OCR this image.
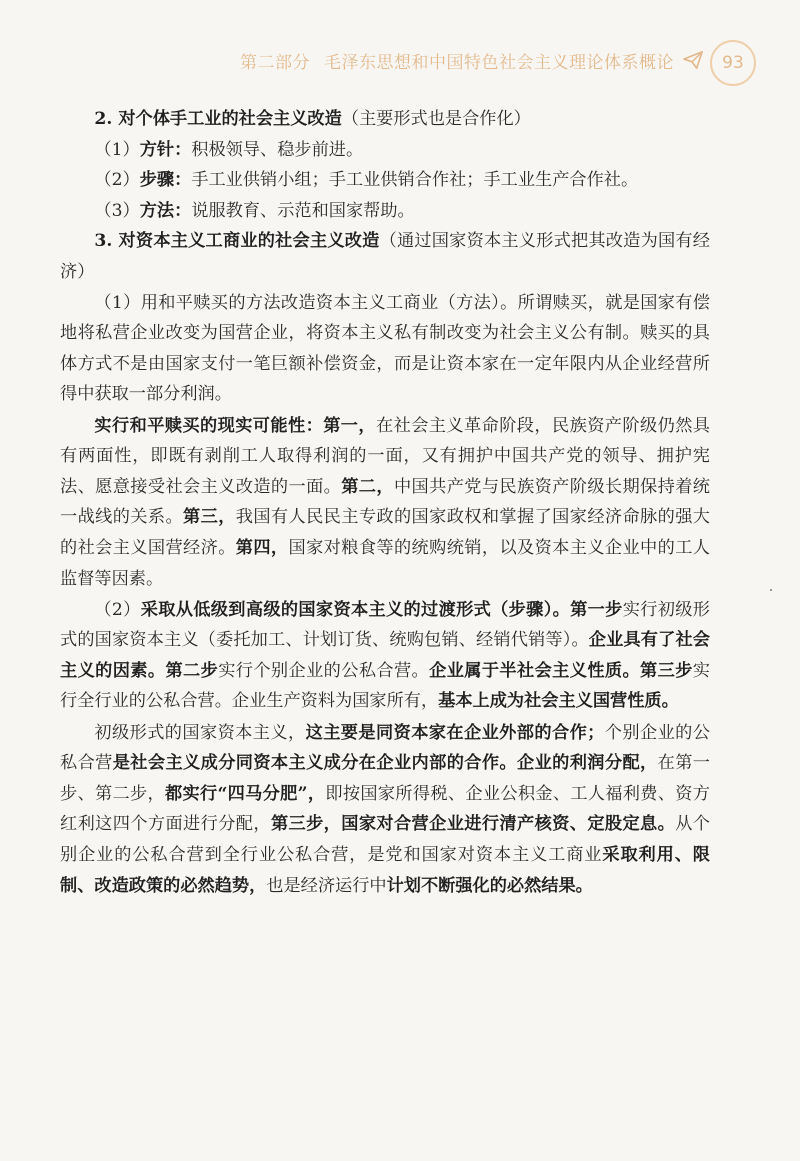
第二部分 毛泽东思想和中国特色社会主义理论体系概论	93

2. 对个体手工业的社会主义改造（主要形式也是合作化）

（1）方针：积极领导、稳步前进。

（2）步骤：手工业供销小组；手工业供销合作社；手工业生产合作社。

（3）方法：说服教育、示范和国家帮助。

3. 对资本主义工商业的社会主义改造（通过国家资本主义形式把其改造为国有经济）

（1）用和平赎买的方法改造资本主义工商业（方法）。所谓赎买，就是国家有偿地将私营企业改变为国营企业，将资本主义私有制改变为社会主义公有制。赎买的具体方式不是由国家支付一笔巨额补偿资金，而是让资本家在一定年限内从企业经营所得中获取一部分利润。

实行和平赎买的现实可能性：第一，在社会主义革命阶段，民族资产阶级仍然具有两面性，即既有剥削工人取得利润的一面，又有拥护中国共产党的领导、拥护宪法、愿意接受社会主义改造的一面。第二，中国共产党与民族资产阶级长期保持着统一战线的关系。第三，我国有人民民主专政的国家政权和掌握了国家经济命脉的强大的社会主义国营经济。第四，国家对粮食等的统购统销，以及资本主义企业中的工人监督等因素。

（2）采取从低级到高级的国家资本主义的过渡形式（步骤）。第一步实行初级形式的国家资本主义（委托加工、计划订货、统购包销、经销代销等）。企业具有了社会主义的因素。第二步实行个别企业的公私合营。企业属于半社会主义性质。第三步实行全行业的公私合营。企业生产资料为国家所有，基本上成为社会主义国营性质。

初级形式的国家资本主义，这主要是同资本家在企业外部的合作；个别企业的公私合营是社会主义成分同资本主义成分在企业内部的合作。企业的利润分配，在第一步、第二步，都实行“四马分肥”，即按国家所得税、企业公积金、工人福利费、资方红利这四个方面进行分配，第三步，国家对合营企业进行清产核资、定股定息。从个别企业的公私合营到全行业公私合营，是党和国家对资本主义工商业采取利用、限制、改造政策的必然趋势，也是经济运行中计划不断强化的必然结果。
